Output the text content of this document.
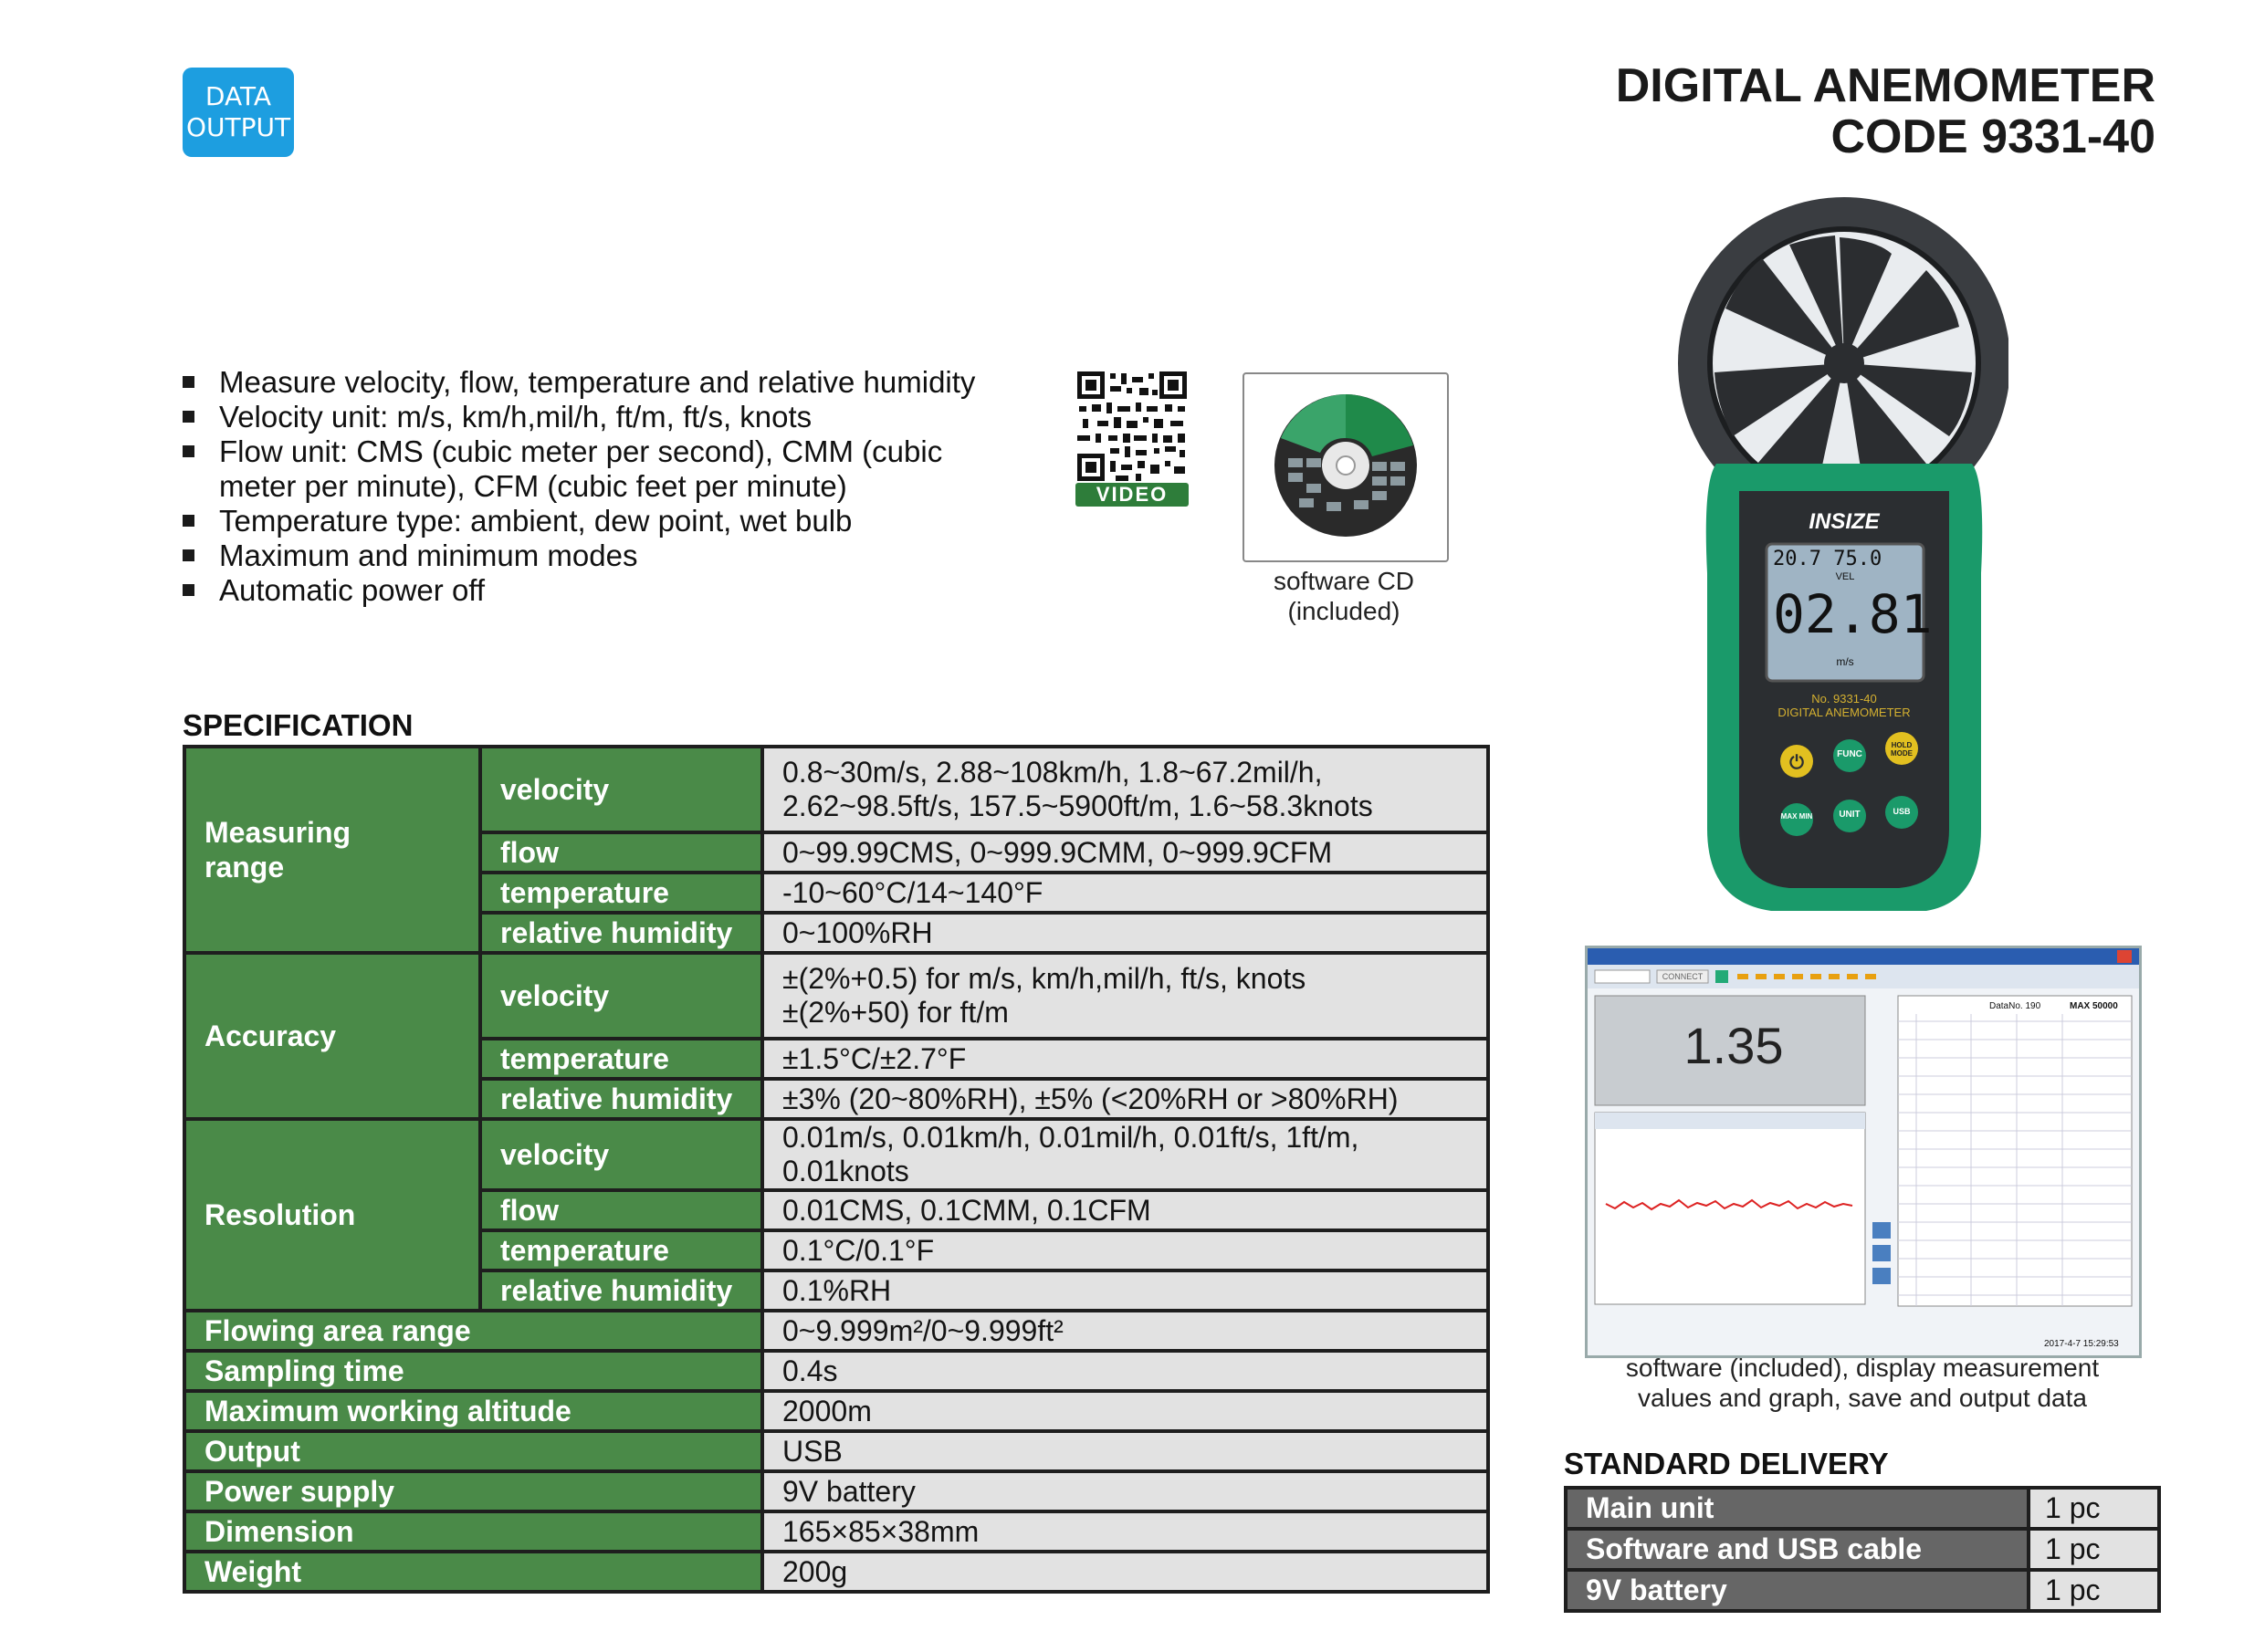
DATA
OUTPUT
DIGITAL ANEMOMETER
CODE 9331-40
Measure velocity, flow, temperature and relative humidity
Velocity unit: m/s, km/h,mil/h, ft/m, ft/s, knots
Flow unit: CMS (cubic meter per second), CMM (cubic meter per minute), CFM (cubic feet per minute)
Temperature type: ambient, dew point, wet bulb
Maximum and minimum modes
Automatic power off
VIDEO
software CD
(included)
SPECIFICATION
Measuring range	velocity	0.8~30m/s, 2.88~108km/h, 1.8~67.2mil/h,
2.62~98.5ft/s, 157.5~5900ft/m, 1.6~58.3knots

	flow	0~99.99CMS, 0~999.9CMM, 0~999.9CFM
	temperature	-10~60°C/14~140°F
	relative humidity	0~100%RH
Accuracy	velocity	±(2%+0.5) for m/s, km/h,mil/h, ft/s, knots
±(2%+50) for ft/m

	temperature	±1.5°C/±2.7°F
	relative humidity	±3% (20~80%RH), ±5% (<20%RH or >80%RH)
Resolution	velocity	0.01m/s, 0.01km/h, 0.01mil/h, 0.01ft/s, 1ft/m, 0.01knots
	flow	0.01CMS, 0.1CMM, 0.1CFM
	temperature	0.1°C/0.1°F
	relative humidity	0.1%RH
Flowing area range		0~9.999m²/0~9.999ft²
Sampling time		0.4s
Maximum working altitude		2000m
Output		USB
Power supply		9V battery
Dimension		165×85×38mm
Weight		200g
INSIZE
20.7 75.0
VEL
02.81
m/s
No. 9331-40
DIGITAL ANEMOMETER
⏻	FUNC
HOLD MODE
MAX MIN	UNIT	USB
1.35
CONNECT
DataNo. 190	MAX 50000
2017-4-7 15:29:53
software (included), display measurement
values and graph, save and output data
STANDARD DELIVERY
Main unit	1 pc
Software and USB cable	1 pc
9V battery	1 pc
